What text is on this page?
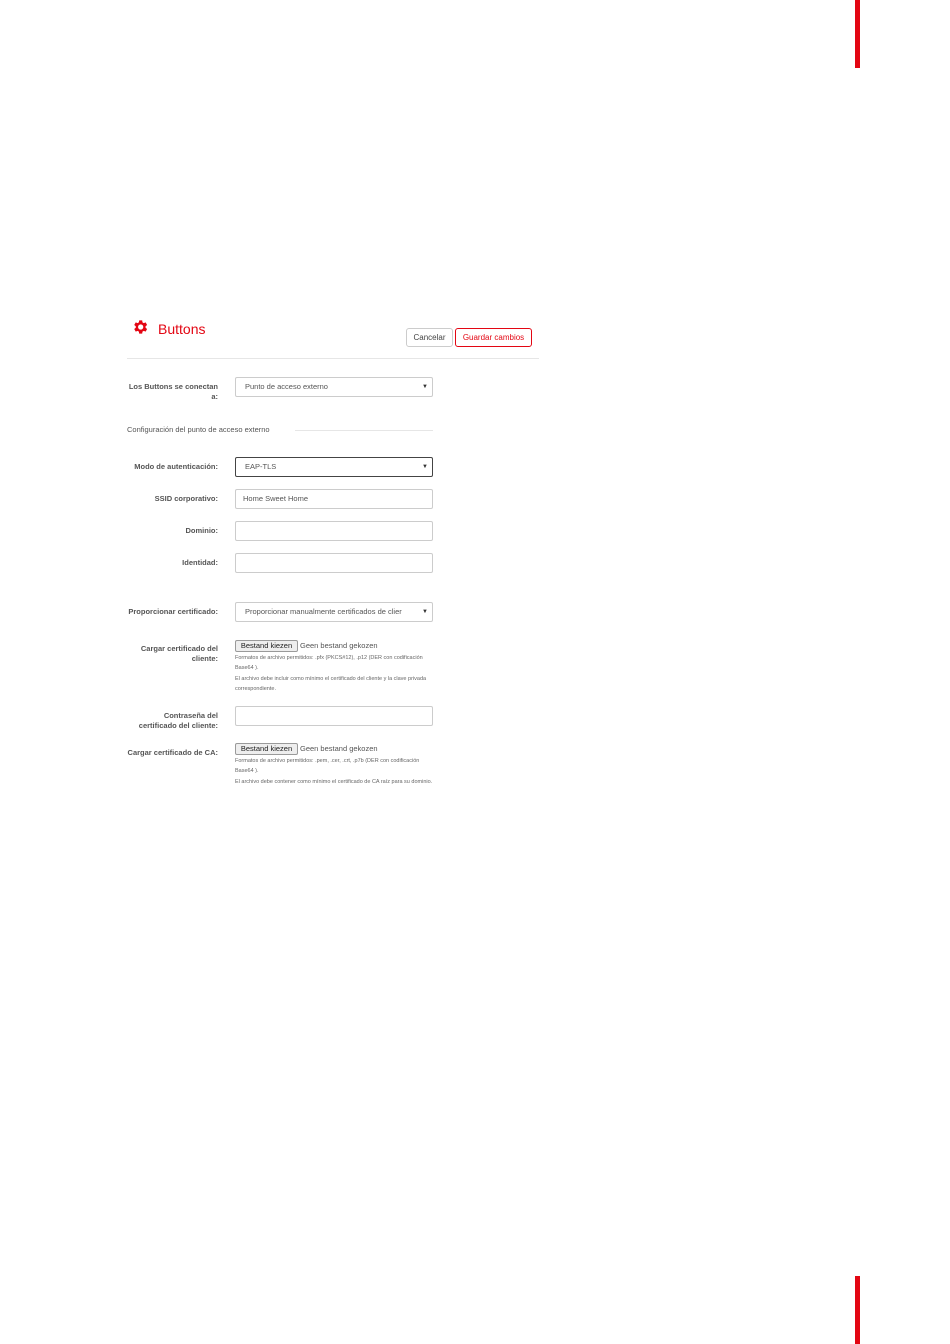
Buttons
Cancelar	Guardar cambios
Los Buttons se conectan a:
Punto de acceso externo	▼
Configuración del punto de acceso externo
Modo de autenticación:	EAP-TLS	▼
SSID corporativo:	Home Sweet Home
Dominio:
Identidad:
Proporcionar certificado:	Proporcionar manualmente certificados de clier	▼
Cargar certificado del cliente:
Bestand kiezen	Geen bestand gekozen
Formatos de archivo permitidos: .pfx (PKCS#12), .p12 (DER con codificación Base64 ).
El archivo debe incluir como mínimo el certificado del cliente y la clave privada correspondiente.
Contraseña del certificado del cliente:
Cargar certificado de CA:	Bestand kiezen	Geen bestand gekozen
Formatos de archivo permitidos: .pem, .cer, .crt, .p7b (DER con codificación Base64 ).
El archivo debe contener como mínimo el certificado de CA raíz para su dominio.
